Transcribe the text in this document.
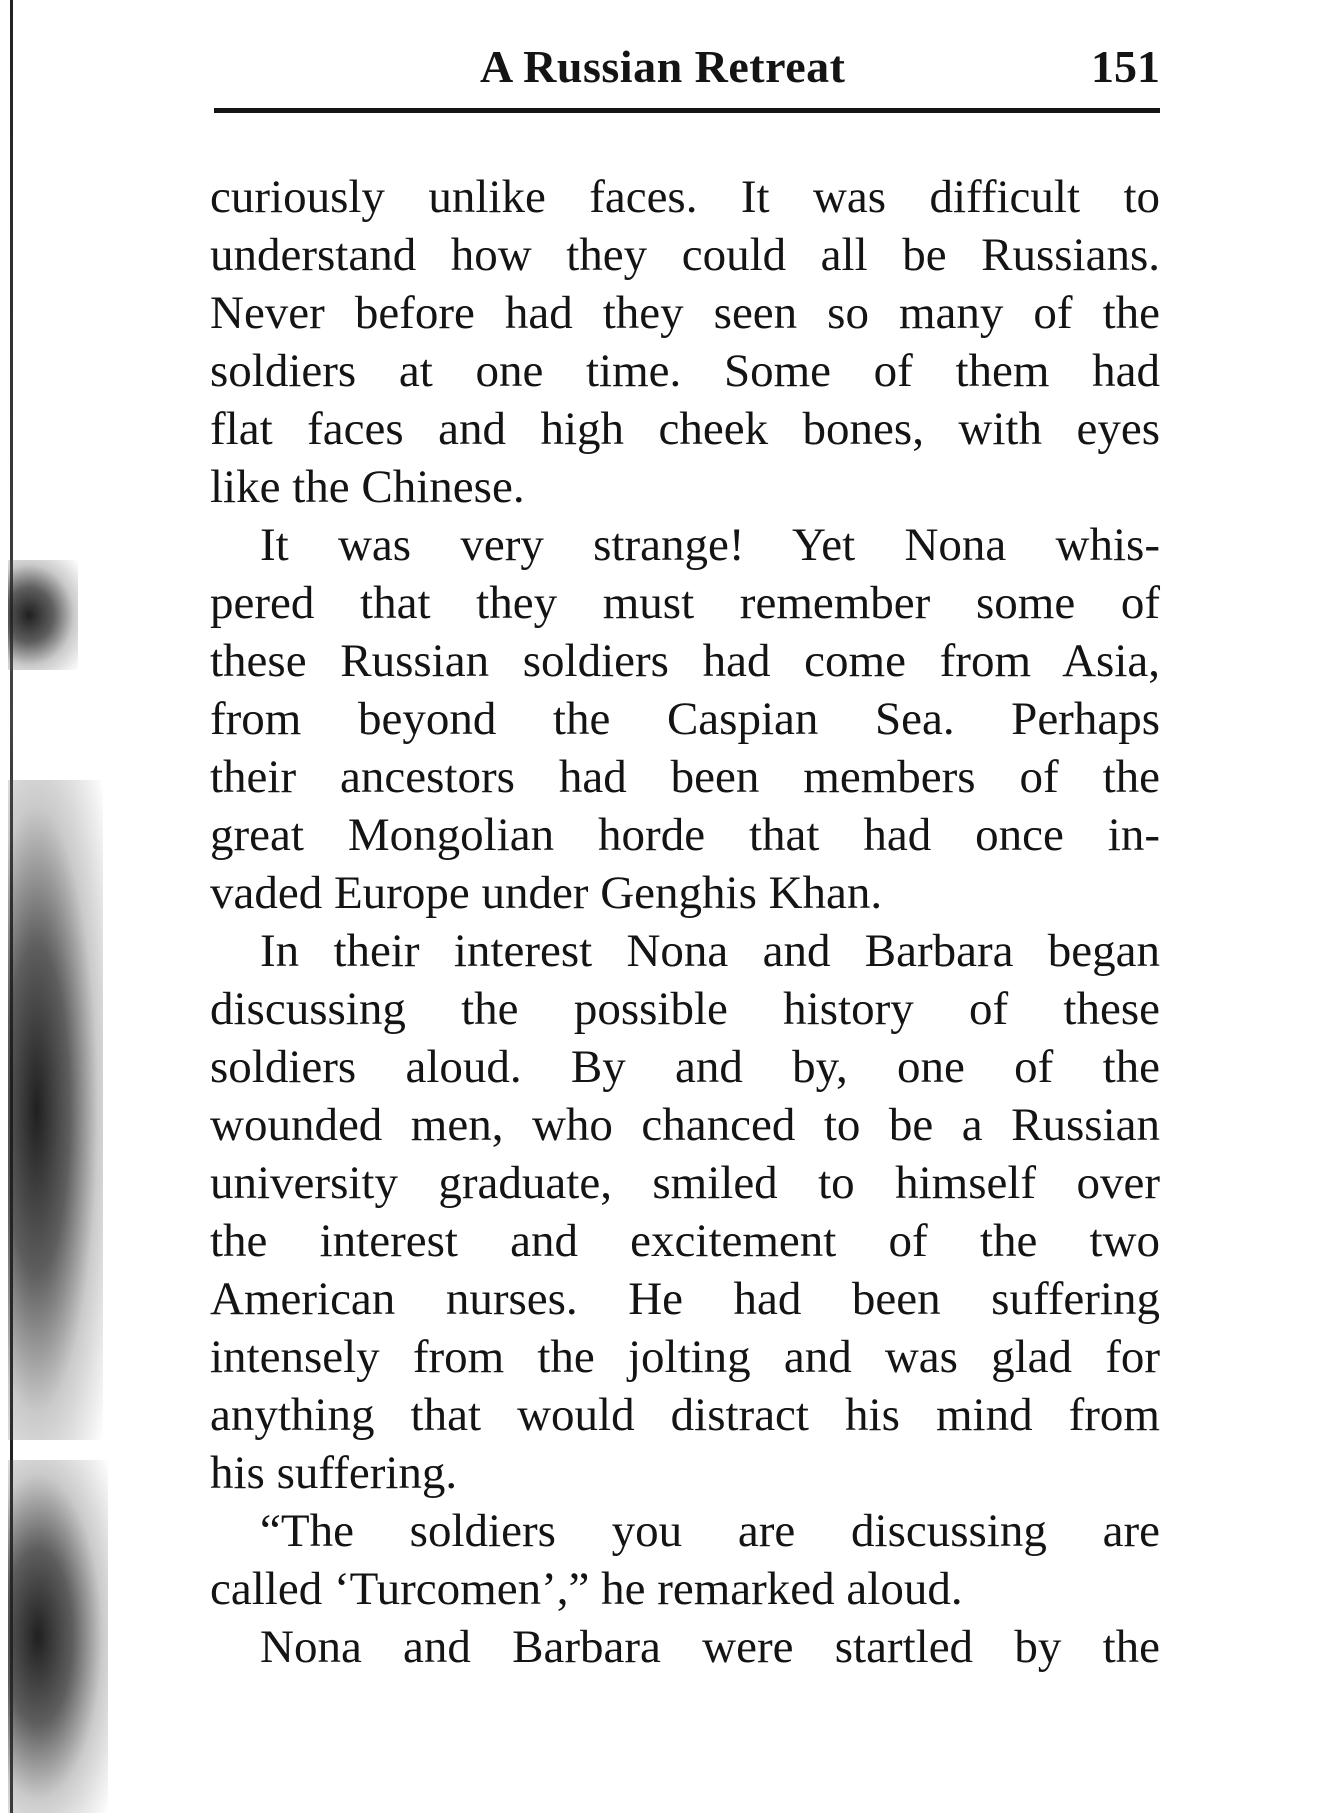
A Russian Retreat	151
curiously unlike faces. It was difficult to
understand how they could all be Russians.
Never before had they seen so many of the
soldiers at one time. Some of them had
flat faces and high cheek bones, with eyes
like the Chinese.
It was very strange! Yet Nona whis-
pered that they must remember some of
these Russian soldiers had come from Asia,
from beyond the Caspian Sea. Perhaps
their ancestors had been members of the
great Mongolian horde that had once in-
vaded Europe under Genghis Khan.
In their interest Nona and Barbara began
discussing the possible history of these
soldiers aloud. By and by, one of the
wounded men, who chanced to be a Russian
university graduate, smiled to himself over
the interest and excitement of the two
American nurses. He had been suffering
intensely from the jolting and was glad for
anything that would distract his mind from
his suffering.
“The soldiers you are discussing are
called ‘Turcomen’,” he remarked aloud.
Nona and Barbara were startled by the
